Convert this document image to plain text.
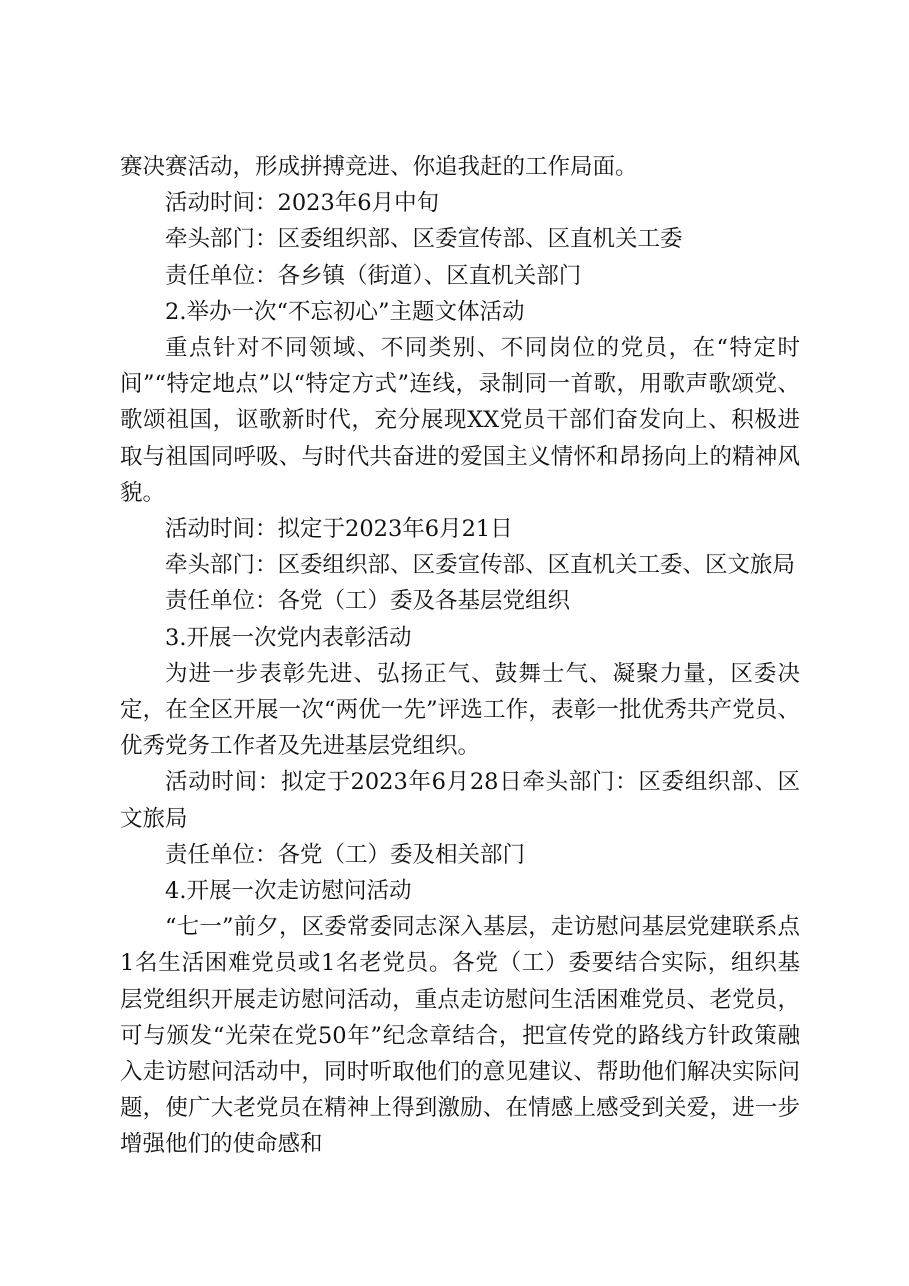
赛决赛活动，形成拼搏竞进、你追我赶的工作局面。

活动时间：2023年6月中旬

牵头部门：区委组织部、区委宣传部、区直机关工委

责任单位：各乡镇（街道）、区直机关部门

2.举办一次“不忘初心”主题文体活动

重点针对不同领域、不同类别、不同岗位的党员，在“特定时间”“特定地点”以“特定方式”连线，录制同一首歌，用歌声歌颂党、歌颂祖国，讴歌新时代，充分展现XX党员干部们奋发向上、积极进取与祖国同呼吸、与时代共奋进的爱国主义情怀和昂扬向上的精神风貌。

活动时间：拟定于2023年6月21日

牵头部门：区委组织部、区委宣传部、区直机关工委、区文旅局

责任单位：各党（工）委及各基层党组织

3.开展一次党内表彰活动

为进一步表彰先进、弘扬正气、鼓舞士气、凝聚力量，区委决定，在全区开展一次“两优一先”评选工作，表彰一批优秀共产党员、优秀党务工作者及先进基层党组织。

活动时间：拟定于2023年6月28日牵头部门：区委组织部、区文旅局

责任单位：各党（工）委及相关部门

4.开展一次走访慰问活动

“七一”前夕，区委常委同志深入基层，走访慰问基层党建联系点1名生活困难党员或1名老党员。各党（工）委要结合实际，组织基层党组织开展走访慰问活动，重点走访慰问生活困难党员、老党员，可与颁发“光荣在党50年”纪念章结合，把宣传党的路线方针政策融入走访慰问活动中，同时听取他们的意见建议、帮助他们解决实际问题，使广大老党员在精神上得到激励、在情感上感受到关爱，进一步增强他们的使命感和
